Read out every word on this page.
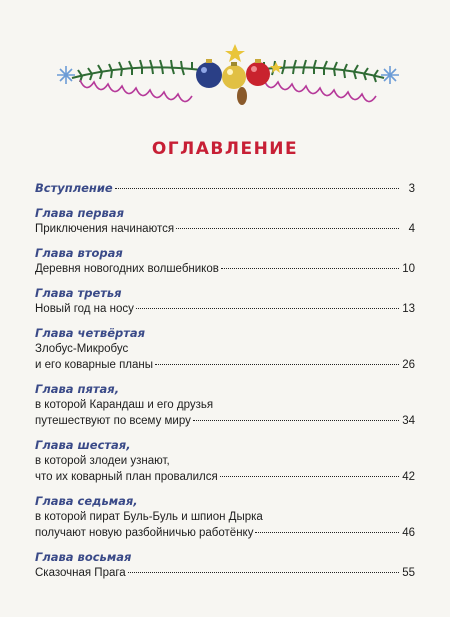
ОГЛАВЛЕНИЕ
Вступление	3
Глава первая
Приключения начинаются	4
Глава вторая
Деревня новогодних волшебников	10
Глава третья
Новый год на носу	13
Глава четвёртая
Злобус-Микробус
и его коварные планы	26
Глава пятая,
в которой Карандаш и его друзья
путешествуют по всему миру	34
Глава шестая,
в которой злодеи узнают,
что их коварный план провалился	42
Глава седьмая,
в которой пират Буль-Буль и шпион Дырка
получают новую разбойничью работёнку	46
Глава восьмая
Сказочная Прага	55
